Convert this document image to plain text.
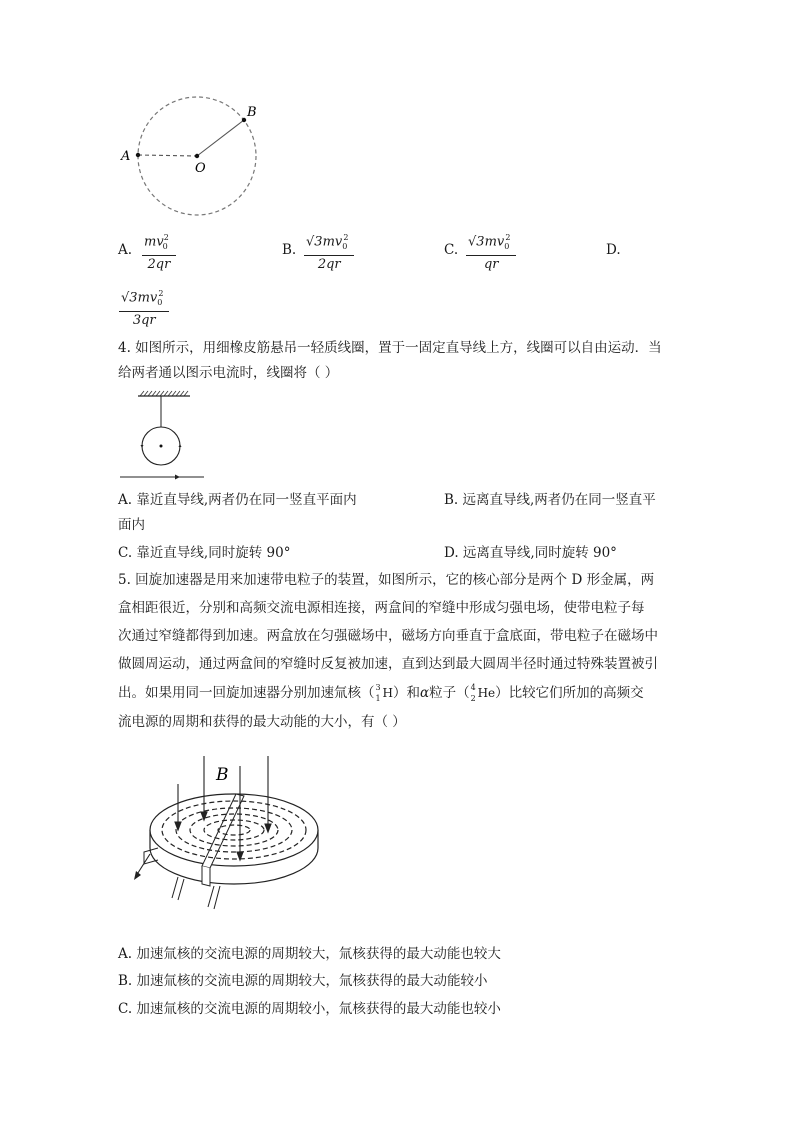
A
B
O
A. $\frac{mv_0^2}{2qr}$	B. $\frac{√3mv_0^2}{2qr}$	C. $\frac{√3mv_0^2}{qr}$	D.
$\frac{√3mv_0^2}{3qr}$
4. 如图所示，用细橡皮筋悬吊一轻质线圈，置于一固定直导线上方，线圈可以自由运动．当
给两者通以图示电流时，线圈将（ ）
A. 靠近直导线,两者仍在同一竖直平面内	B. 远离直导线,两者仍在同一竖直平
面内
C. 靠近直导线,同时旋转 90°	D. 远离直导线,同时旋转 90°
5. 回旋加速器是用来加速带电粒子的装置，如图所示，它的核心部分是两个 D 形金属，两
盒相距很近，分别和高频交流电源相连接，两盒间的窄缝中形成匀强电场，使带电粒子每
次通过窄缝都得到加速。两盒放在匀强磁场中，磁场方向垂直于盒底面，带电粒子在磁场中
做圆周运动，通过两盒间的窄缝时反复被加速，直到达到最大圆周半径时通过特殊装置被引
出。如果用同一回旋加速器分别加速氚核（ 3
1 H）和α粒子（ 4
2 He）比较它们所加的高频交
流电源的周期和获得的最大动能的大小，有（ ）
B
A. 加速氚核的交流电源的周期较大，氚核获得的最大动能也较大
B. 加速氚核的交流电源的周期较大，氚核获得的最大动能较小
C. 加速氚核的交流电源的周期较小，氚核获得的最大动能也较小
